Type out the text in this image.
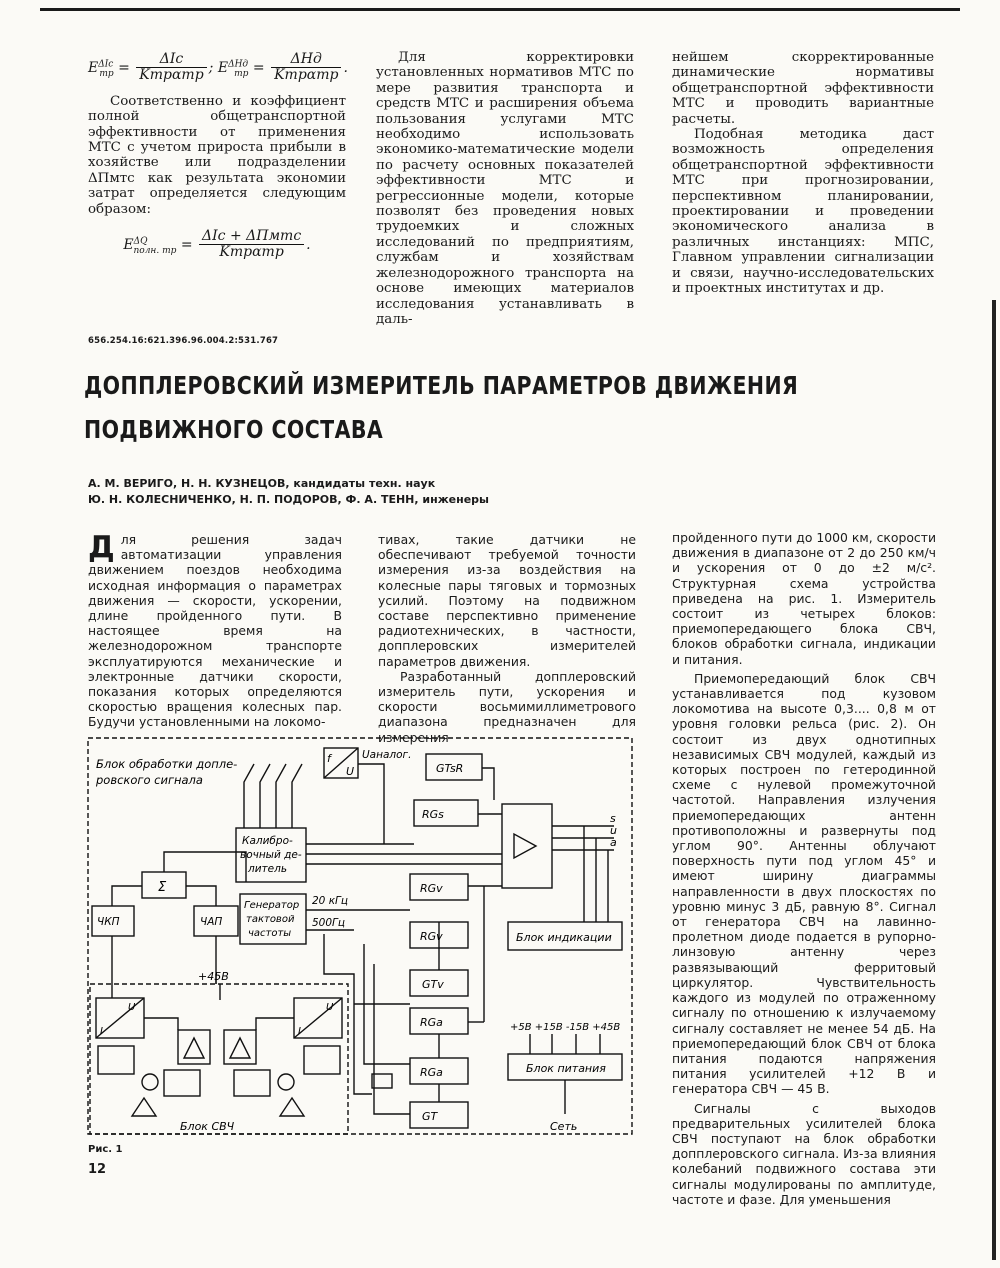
$E^{\Delta Iс}_{тр} = \frac{\text{ΔIс}}{\text{Kтрαтр}}$ ; $E^{\Delta Hд}_{тр} = \frac{\text{ΔHд}}{\text{Kтрαтр}}$ .

Соответственно и коэффициент полной общетранспортной эффективности от применения МТС с учетом прироста прибыли в хозяйстве или подразделении ΔПмтс как результата экономии затрат определяется следующим образом:

$E^{\Delta Q}_{полн. тр} = \frac{\text{ΔIс + ΔПмтс}}{\text{Kтрαтр}}$ .

Для корректировки установленных нормативов МТС по мере развития транспорта и средств МТС и расширения объема пользования услугами МТС необходимо использовать экономико-математические модели по расчету основных показателей эффективности МТС и регрессионные модели, которые позволят без проведения новых трудоемких и сложных исследований по предприятиям, службам и хозяйствам железнодорожного транспорта на основе имеющих материалов исследования устанавливать в даль-

нейшем скорректированные динамические нормативы общетранспортной эффективности МТС и проводить вариантные расчеты.

Подобная методика даст возможность определения общетранспортной эффективности МТС при прогнозировании, перспективном планировании, проектировании и проведении экономического анализа в различных инстанциях: МПС, Главном управлении сигнализации и связи, научно-исследовательских и проектных институтах и др.

656.254.16:621.396.96.004.2:531.767
ДОППЛЕРОВСКИЙ ИЗМЕРИТЕЛЬ ПАРАМЕТРОВ ДВИЖЕНИЯ
ПОДВИЖНОГО СОСТАВА
А. М. ВЕРИГО, Н. Н. КУЗНЕЦОВ, кандидаты техн. наук
Ю. Н. КОЛЕСНИЧЕНКО, Н. П. ПОДОРОВ, Ф. А. ТЕНН, инженеры
Для решения задач автоматизации управления движением поездов необходима исходная информация о параметрах движения — скорости, ускорении, длине пройденного пути. В настоящее время на железнодорожном транспорте эксплуатируются механические и электронные датчики скорости, показания которых определяются скоростью вращения колесных пар. Будучи установленными на локомо-

тивах, такие датчики не обеспечивают требуемой точности измерения из-за воздействия на колесные пары тяговых и тормозных усилий. Поэтому на подвижном составе перспективно применение радиотехнических, в частности, допплеровских измерителей параметров движения.

Разработанный допплеровский измеритель пути, ускорения и скорости восьмимиллиметрового диапазона предназначен для измерения

пройденного пути до 1000 км, скорости движения в диапазоне от 2 до 250 км/ч и ускорения от 0 до ±2 м/с². Структурная схема устройства приведена на рис. 1. Измеритель состоит из четырех блоков: приемопередающего блока СВЧ, блоков обработки сигнала, индикации и питания.

Приемопередающий блок СВЧ устанавливается под кузовом локомотива на высоте 0,3.... 0,8 м от уровня головки рельса (рис. 2). Он состоит из двух однотипных независимых СВЧ модулей, каждый из которых построен по гетеродинной схеме с нулевой промежуточной частотой. Направления излучения приемопередающих антенн противоположны и развернуты под углом 90°. Антенны облучают поверхность пути под углом 45° и имеют ширину диаграммы направленности в двух плоскостях по уровню минус 3 дБ, равную 8°. Сигнал от генератора СВЧ на лавинно-пролетном диоде подается в рупорно-линзовую антенну через развязывающий ферритовый циркулятор. Чувствительность каждого из модулей по отраженному сигналу по отношению к излучаемому сигналу составляет не менее 54 дБ. На приемопередающий блок СВЧ от блока питания подаются напряжения питания усилителей +12 В и генератора СВЧ — 45 В.

Сигналы с выходов предварительных усилителей блока СВЧ поступают на блок обработки допплеровского сигнала. Из-за влияния колебаний подвижного состава эти сигналы модулированы по амплитуде, частоте и фазе. Для уменьшения

Блок обработки допле-
ровского сигнала
f
U
Uаналог.
GTsR
RGs
Калибро-
вочный де-
литель
Σ
ЧКП	ЧАП
Генератор
тактовой
частоты
20 кГц
500Гц
RGv
RGv
GTv
RGa
RGa
GT
+45В
Блок индикации
+5В +15В -15В +45В
Блок питания
Сеть
Блок СВЧ
s
u
a
U
I
U
I
Рис. 1
12
